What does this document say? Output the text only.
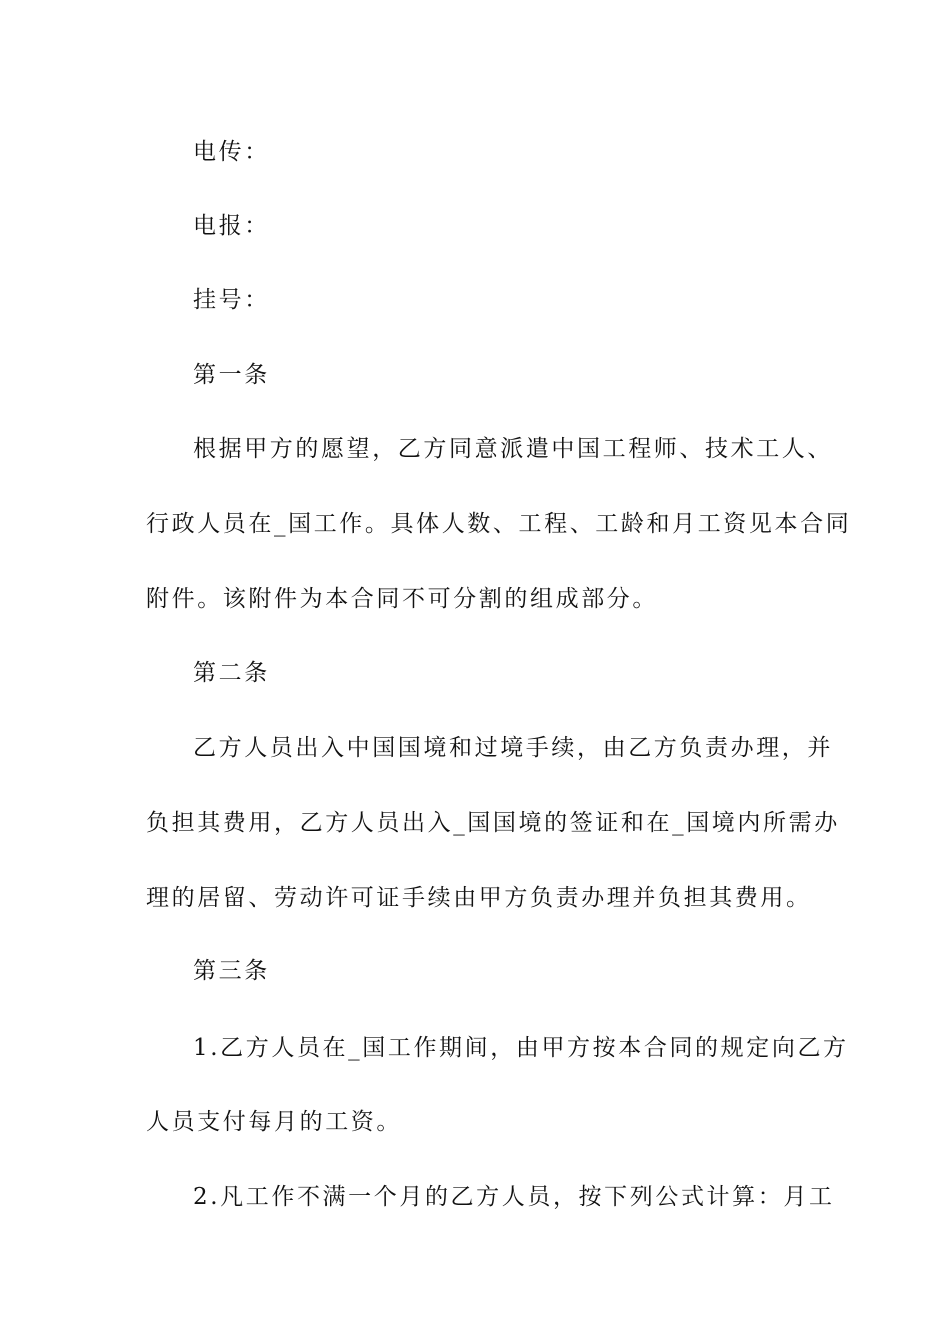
电传：
电报：
挂号：
第一条
根据甲方的愿望，乙方同意派遣中国工程师、技术工人、
行政人员在_国工作。具体人数、工程、工龄和月工资见本合同
附件。该附件为本合同不可分割的组成部分。
第二条
乙方人员出入中国国境和过境手续，由乙方负责办理，并
负担其费用，乙方人员出入_国国境的签证和在_国境内所需办
理的居留、劳动许可证手续由甲方负责办理并负担其费用。
第三条
1.乙方人员在_国工作期间，由甲方按本合同的规定向乙方
人员支付每月的工资。
2.凡工作不满一个月的乙方人员，按下列公式计算：月工
